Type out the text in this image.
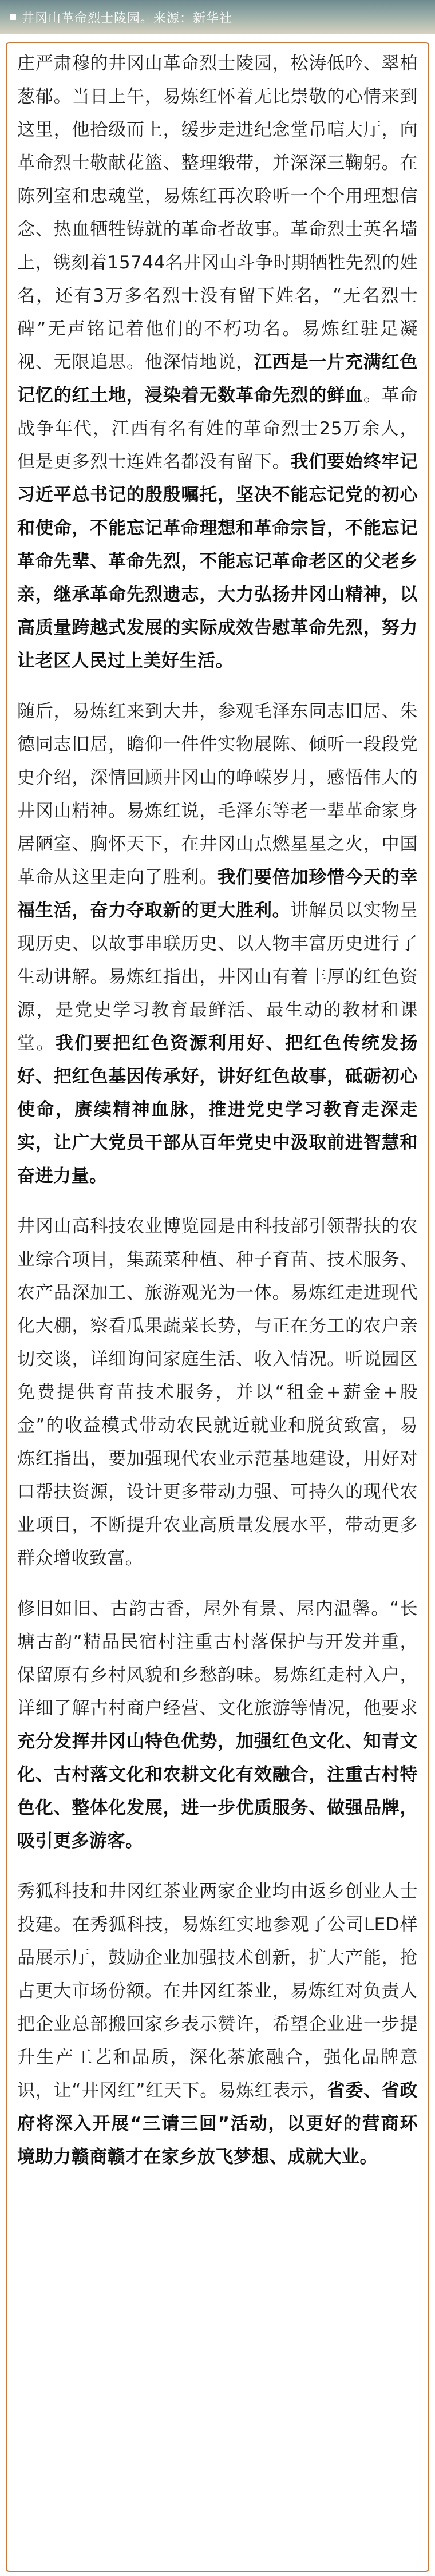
井冈山革命烈士陵园。来源：新华社

庄严肃穆的井冈山革命烈士陵园，松涛低吟、翠柏葱郁。当日上午，易炼红怀着无比崇敬的心情来到这里，他拾级而上，缓步走进纪念堂吊唁大厅，向革命烈士敬献花篮、整理缎带，并深深三鞠躬。在陈列室和忠魂堂，易炼红再次聆听一个个用理想信念、热血牺牲铸就的革命者故事。革命烈士英名墙上，镌刻着15744名井冈山斗争时期牺牲先烈的姓名，还有3万多名烈士没有留下姓名，“无名烈士碑”无声铭记着他们的不朽功名。易炼红驻足凝视、无限追思。他深情地说，江西是一片充满红色记忆的红土地，浸染着无数革命先烈的鲜血。革命战争年代，江西有名有姓的革命烈士25万余人，但是更多烈士连姓名都没有留下。我们要始终牢记习近平总书记的殷殷嘱托，坚决不能忘记党的初心和使命，不能忘记革命理想和革命宗旨，不能忘记革命先辈、革命先烈，不能忘记革命老区的父老乡亲，继承革命先烈遗志，大力弘扬井冈山精神，以高质量跨越式发展的实际成效告慰革命先烈，努力让老区人民过上美好生活。

随后，易炼红来到大井，参观毛泽东同志旧居、朱德同志旧居，瞻仰一件件实物展陈、倾听一段段党史介绍，深情回顾井冈山的峥嵘岁月，感悟伟大的井冈山精神。易炼红说，毛泽东等老一辈革命家身居陋室、胸怀天下，在井冈山点燃星星之火，中国革命从这里走向了胜利。我们要倍加珍惜今天的幸福生活，奋力夺取新的更大胜利。讲解员以实物呈现历史、以故事串联历史、以人物丰富历史进行了生动讲解。易炼红指出，井冈山有着丰厚的红色资源，是党史学习教育最鲜活、最生动的教材和课堂。我们要把红色资源利用好、把红色传统发扬好、把红色基因传承好，讲好红色故事，砥砺初心使命，赓续精神血脉，推进党史学习教育走深走实，让广大党员干部从百年党史中汲取前进智慧和奋进力量。

井冈山高科技农业博览园是由科技部引领帮扶的农业综合项目，集蔬菜种植、种子育苗、技术服务、农产品深加工、旅游观光为一体。易炼红走进现代化大棚，察看瓜果蔬菜长势，与正在务工的农户亲切交谈，详细询问家庭生活、收入情况。听说园区免费提供育苗技术服务，并以“租金+薪金+股金”的收益模式带动农民就近就业和脱贫致富，易炼红指出，要加强现代农业示范基地建设，用好对口帮扶资源，设计更多带动力强、可持久的现代农业项目，不断提升农业高质量发展水平，带动更多群众增收致富。

修旧如旧、古韵古香，屋外有景、屋内温馨。“长塘古韵”精品民宿村注重古村落保护与开发并重，保留原有乡村风貌和乡愁韵味。易炼红走村入户，详细了解古村商户经营、文化旅游等情况，他要求充分发挥井冈山特色优势，加强红色文化、知青文化、古村落文化和农耕文化有效融合，注重古村特色化、整体化发展，进一步优质服务、做强品牌，吸引更多游客。

秀狐科技和井冈红茶业两家企业均由返乡创业人士投建。在秀狐科技，易炼红实地参观了公司LED样品展示厅，鼓励企业加强技术创新，扩大产能，抢占更大市场份额。在井冈红茶业，易炼红对负责人把企业总部搬回家乡表示赞许，希望企业进一步提升生产工艺和品质，深化茶旅融合，强化品牌意识，让“井冈红”红天下。易炼红表示，省委、省政府将深入开展“三请三回”活动，以更好的营商环境助力赣商赣才在家乡放飞梦想、成就大业。
